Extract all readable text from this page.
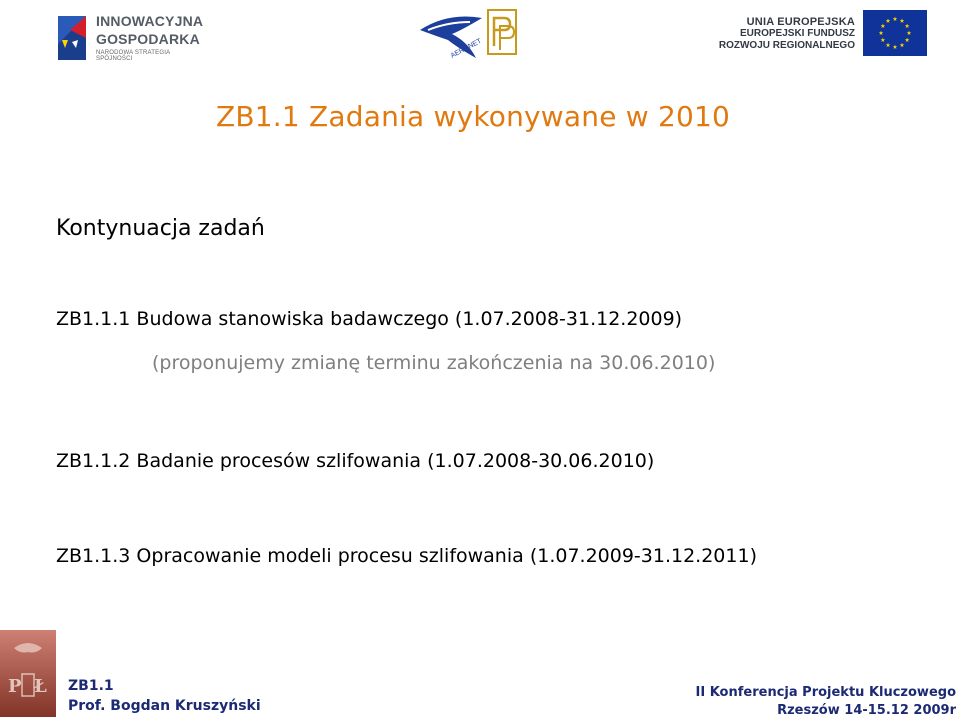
INNOWACYJNA
GOSPODARKA
NARODOWA STRATEGIA SPÓJNOŚCI	AERONET
UNIA EUROPEJSKA
EUROPEJSKI FUNDUSZ
ROZWOJU REGIONALNEGO
ZB1.1 Zadania wykonywane w 2010
Kontynuacja zadań
ZB1.1.1 Budowa stanowiska badawczego (1.07.2008-31.12.2009)
(proponujemy zmianę terminu zakończenia na 30.06.2010)
ZB1.1.2 Badanie procesów szlifowania (1.07.2008-30.06.2010)
ZB1.1.3 Opracowanie modeli procesu szlifowania (1.07.2009-31.12.2011)
P Ł ZB1.1
Prof. Bogdan Kruszyński
II Konferencja Projektu Kluczowego
Rzeszów 14-15.12 2009r
